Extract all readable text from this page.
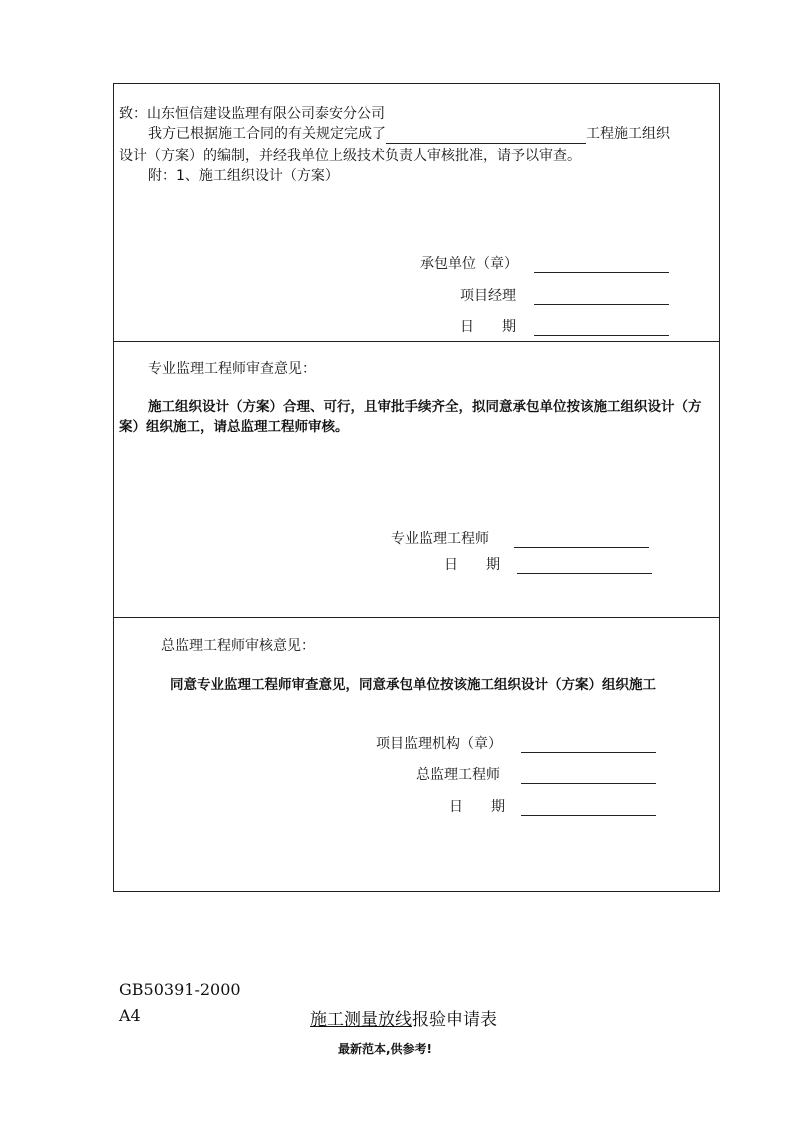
致：山东恒信建设监理有限公司泰安分公司
我方已根据施工合同的有关规定完成了	工程施工组织
设计（方案）的编制，并经我单位上级技术负责人审核批准，请予以审查。
附：1、施工组织设计（方案）
承包单位（章）
项目经理
日　　期
专业监理工程师审查意见：
施工组织设计（方案）合理、可行，且审批手续齐全，拟同意承包单位按该施工组织设计（方
案）组织施工，请总监理工程师审核。
专业监理工程师
日　　期
总监理工程师审核意见：
同意专业监理工程师审查意见，同意承包单位按该施工组织设计（方案）组织施工
项目监理机构（章）
总监理工程师
日　　期
GB50391-2000
A4	施工测量放线报验申请表
最新范本,供参考!
